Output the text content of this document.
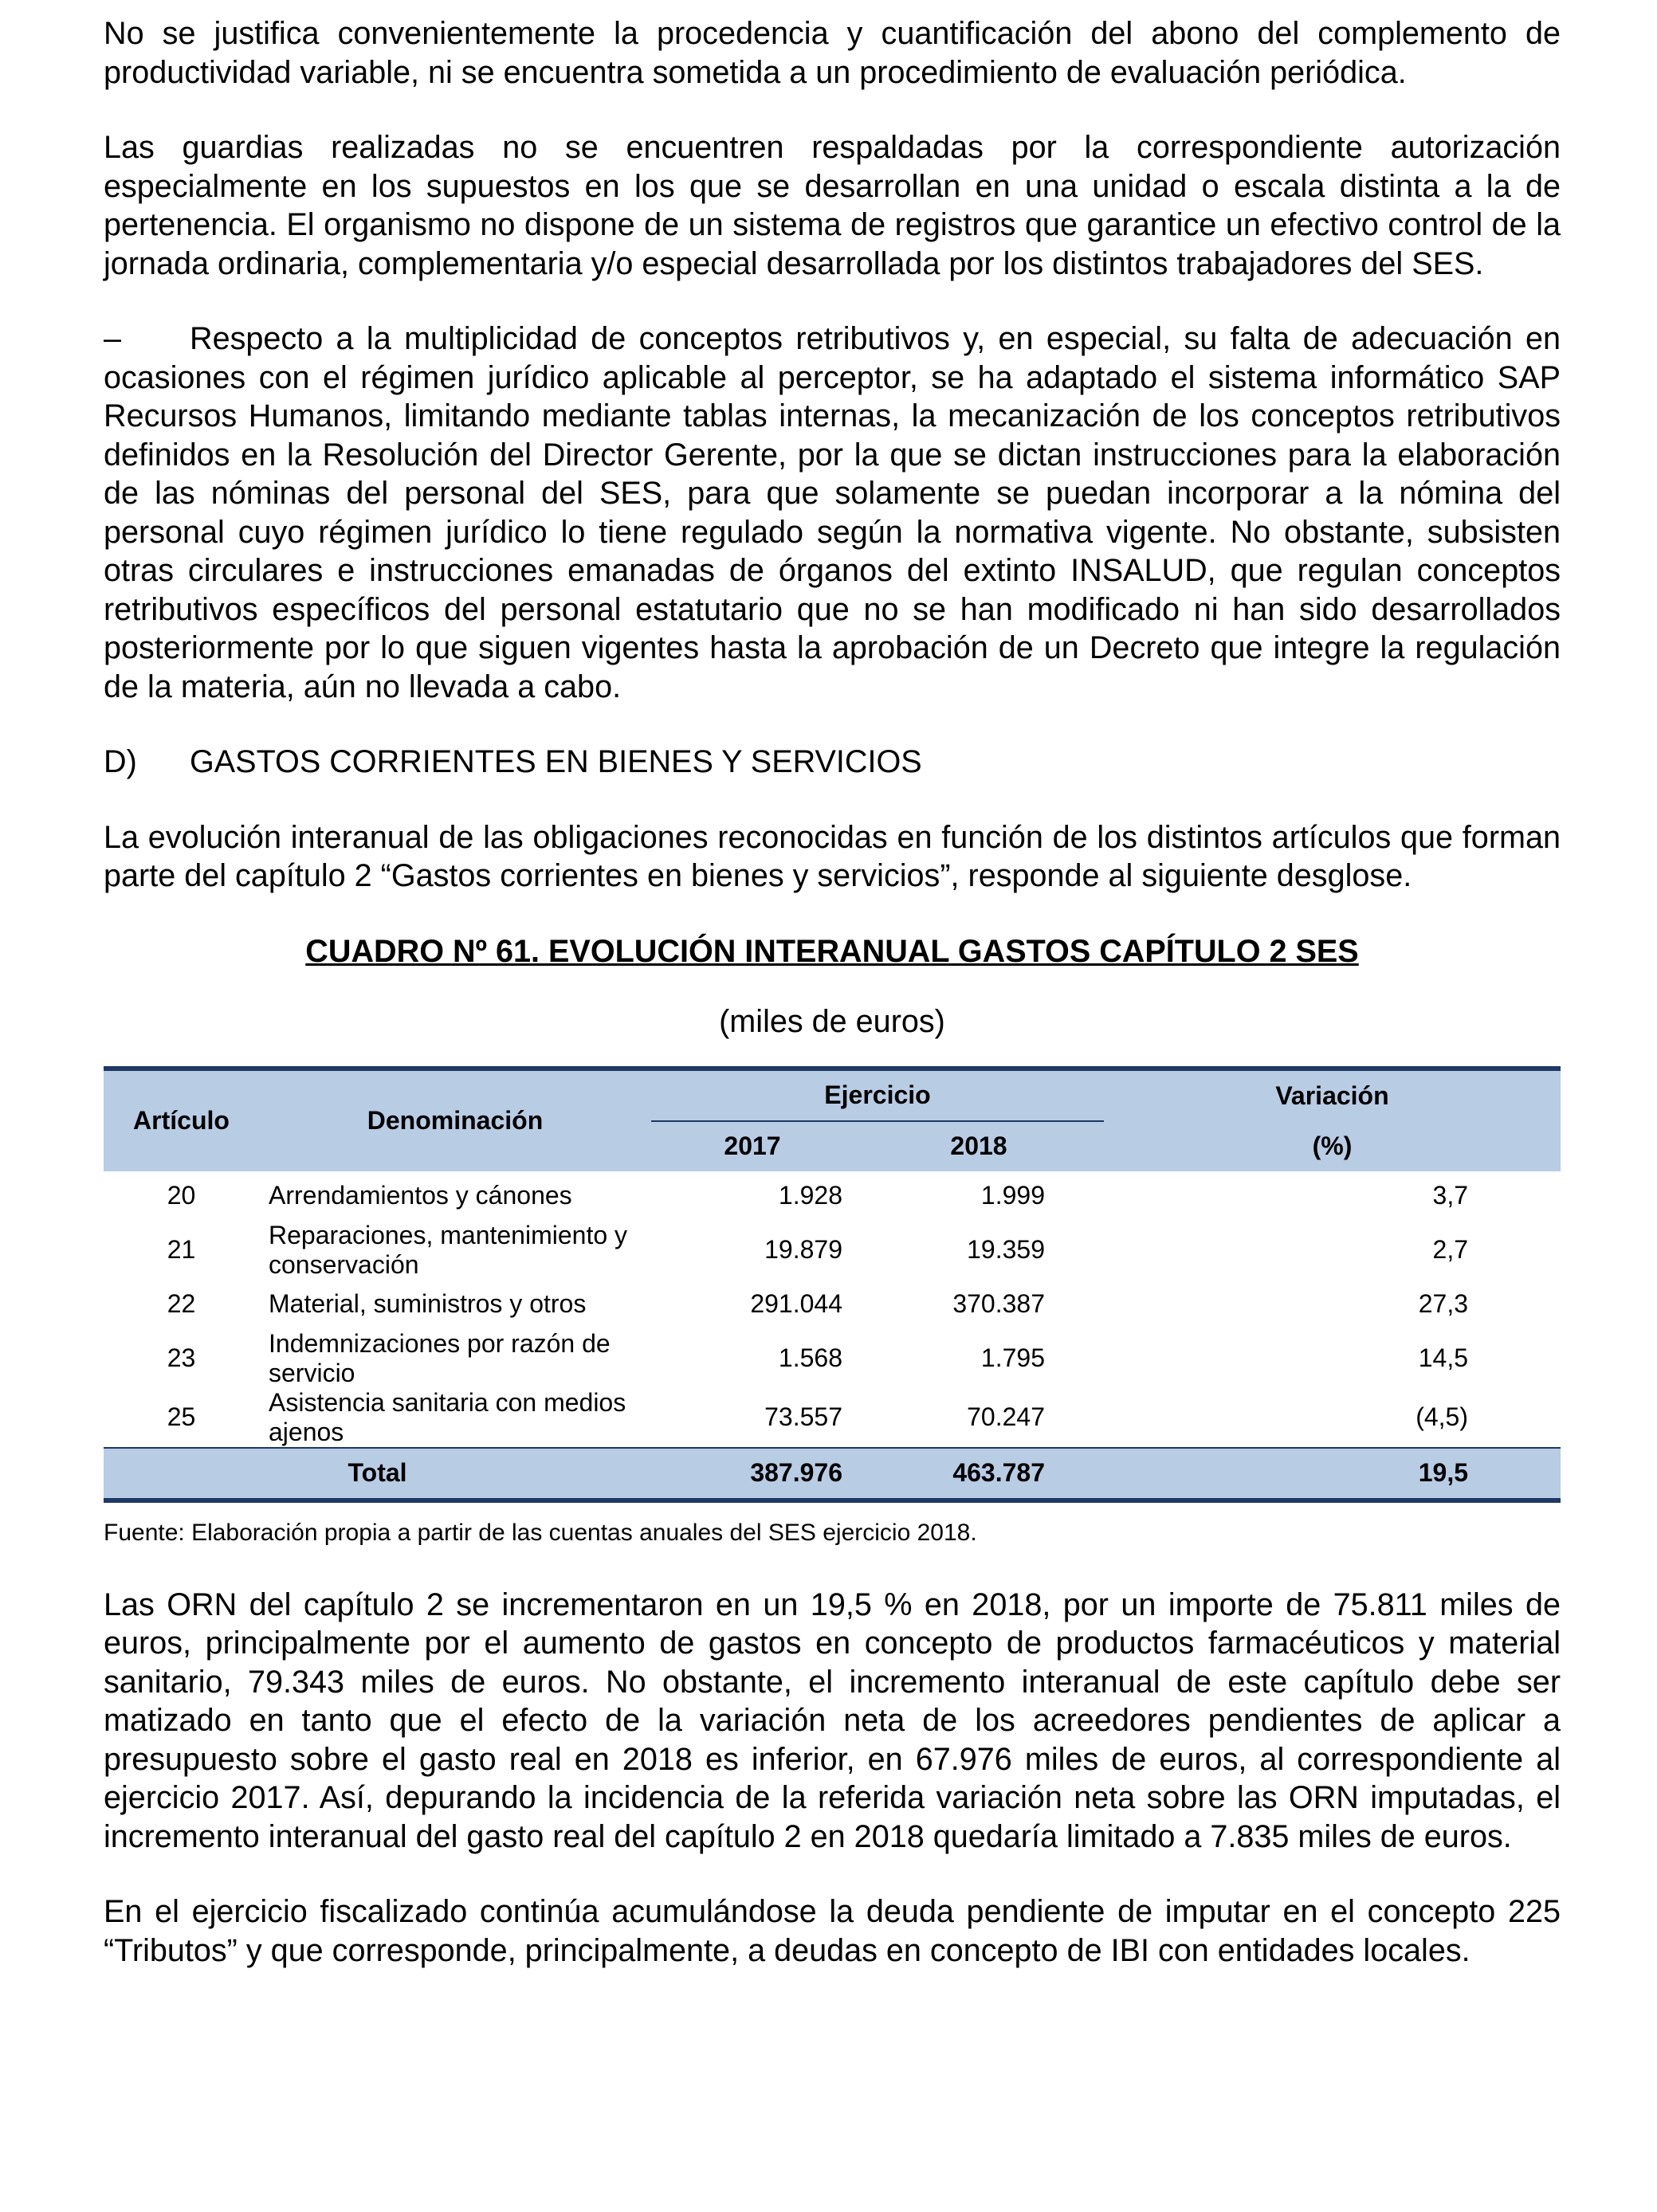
No se justifica convenientemente la procedencia y cuantificación del abono del complemento de productividad variable, ni se encuentra sometida a un procedimiento de evaluación periódica.

Las guardias realizadas no se encuentren respaldadas por la correspondiente autorización especialmente en los supuestos en los que se desarrollan en una unidad o escala distinta a la de pertenencia. El organismo no dispone de un sistema de registros que garantice un efectivo control de la jornada ordinaria, complementaria y/o especial desarrollada por los distintos trabajadores del SES.

– Respecto a la multiplicidad de conceptos retributivos y, en especial, su falta de adecuación en ocasiones con el régimen jurídico aplicable al perceptor, se ha adaptado el sistema informático SAP Recursos Humanos, limitando mediante tablas internas, la mecanización de los conceptos retributivos definidos en la Resolución del Director Gerente, por la que se dictan instrucciones para la elaboración de las nóminas del personal del SES, para que solamente se puedan incorporar a la nómina del personal cuyo régimen jurídico lo tiene regulado según la normativa vigente. No obstante, subsisten otras circulares e instrucciones emanadas de órganos del extinto INSALUD, que regulan conceptos retributivos específicos del personal estatutario que no se han modificado ni han sido desarrollados posteriormente por lo que siguen vigentes hasta la aprobación de un Decreto que integre la regulación de la materia, aún no llevada a cabo.

D) GASTOS CORRIENTES EN BIENES Y SERVICIOS

La evolución interanual de las obligaciones reconocidas en función de los distintos artículos que forman parte del capítulo 2 “Gastos corrientes en bienes y servicios”, responde al siguiente desglose.

CUADRO Nº 61. EVOLUCIÓN INTERANUAL GASTOS CAPÍTULO 2 SES
(miles de euros)
Artículo	Denominación	Ejercicio		Variación
		2017	2018	(%)
20	Arrendamientos y cánones	1.928	1.999	3,7
21	Reparaciones, mantenimiento y conservación	19.879	19.359	2,7
22	Material, suministros y otros	291.044	370.387	27,3
23	Indemnizaciones por razón de servicio	1.568	1.795	14,5
25	Asistencia sanitaria con medios ajenos	73.557	70.247	(4,5)
Total		387.976	463.787	19,5
Fuente: Elaboración propia a partir de las cuentas anuales del SES ejercicio 2018.

Las ORN del capítulo 2 se incrementaron en un 19,5 % en 2018, por un importe de 75.811 miles de euros, principalmente por el aumento de gastos en concepto de productos farmacéuticos y material sanitario, 79.343 miles de euros. No obstante, el incremento interanual de este capítulo debe ser matizado en tanto que el efecto de la variación neta de los acreedores pendientes de aplicar a presupuesto sobre el gasto real en 2018 es inferior, en 67.976 miles de euros, al correspondiente al ejercicio 2017. Así, depurando la incidencia de la referida variación neta sobre las ORN imputadas, el incremento interanual del gasto real del capítulo 2 en 2018 quedaría limitado a 7.835 miles de euros.

En el ejercicio fiscalizado continúa acumulándose la deuda pendiente de imputar en el concepto 225 “Tributos” y que corresponde, principalmente, a deudas en concepto de IBI con entidades locales.
